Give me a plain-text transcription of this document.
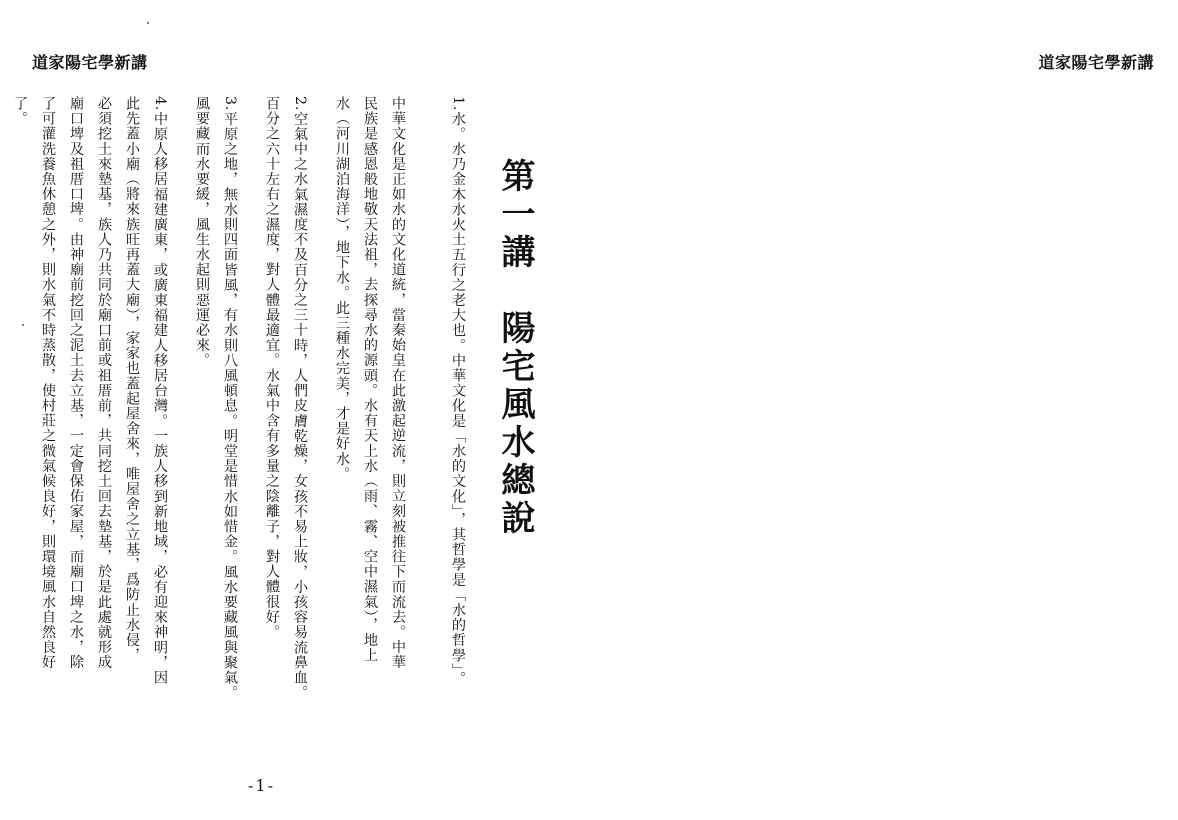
道家陽宅學新講	道家陽宅學新講
第一講　陽宅風水總說
1.水。水乃金木水火土五行之老大也。中華文化是「水的文化」，其哲學是「水的哲學」。
中華文化是正如水的文化道統，當秦始皇在此激起逆流，則立刻被推往下而流去。中華
民族是感恩般地敬天法祖，去探尋水的源頭。水有天上水（雨、霧、空中濕氣），地上
水（河川湖泊海洋），地下水。此三種水完美，才是好水。
2.空氣中之水氣濕度不及百分之三十時，人們皮膚乾燥，女孩不易上妝，小孩容易流鼻血。
百分之六十左右之濕度，對人體最適宜。水氣中含有多量之陰離子，對人體很好。
3.平原之地，無水則四面皆風，有水則八風頓息。明堂是惜水如惜金。風水要藏風與聚氣。
風要藏而水要緩，風生水起則惡運必來。
4.中原人移居福建廣東，或廣東福建人移居台灣。一族人移到新地域，必有迎來神明，因
此先蓋小廟（將來族旺再蓋大廟），家家也蓋起屋舍來，唯屋舍之立基，爲防止水侵，
必須挖土來墊基，族人乃共同於廟口前或祖厝前，共同挖土回去墊基，於是此處就形成
廟口埤及祖厝口埤。由神廟前挖回之泥土去立基，一定會保佑家屋，而廟口埤之水，除
了可灌洗養魚休憩之外，則水氣不時蒸散，使村莊之微氣候良好，則環境風水自然良好
了。
-1-
